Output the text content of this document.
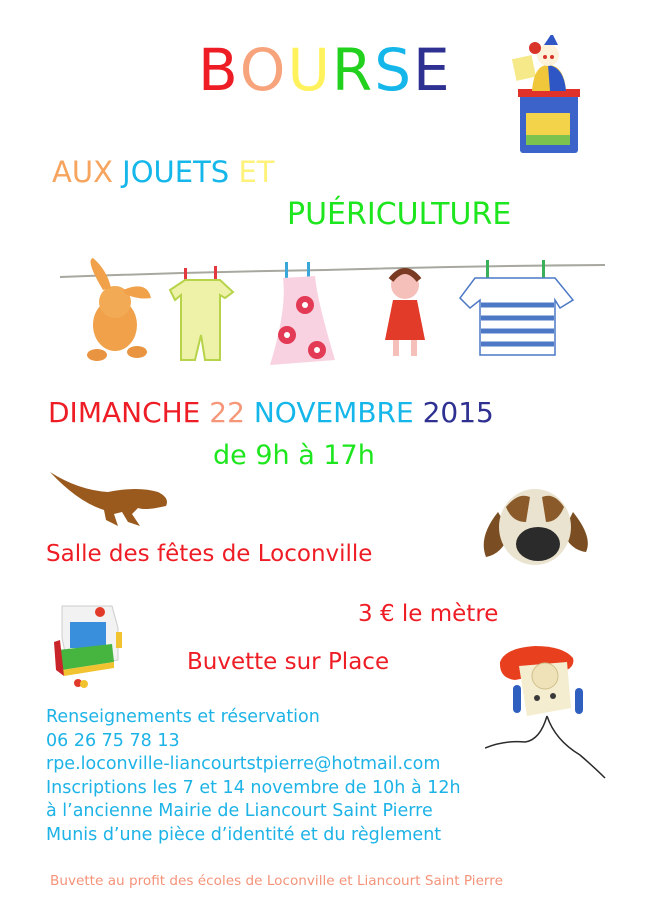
BOURSE
AUX JOUETS ET
PUÉRICULTURE
DIMANCHE 22 NOVEMBRE 2015
de 9h à 17h
Salle des fêtes de Loconville
3 € le mètre
Buvette sur Place
Renseignements et réservation
06 26 75 78 13
rpe.loconville-liancourtstpierre@hotmail.com
Inscriptions les 7 et 14 novembre de 10h à 12h
à l’ancienne Mairie de Liancourt Saint Pierre
Munis d’une pièce d’identité et du règlement
Buvette au profit des écoles de Loconville et Liancourt Saint Pierre
